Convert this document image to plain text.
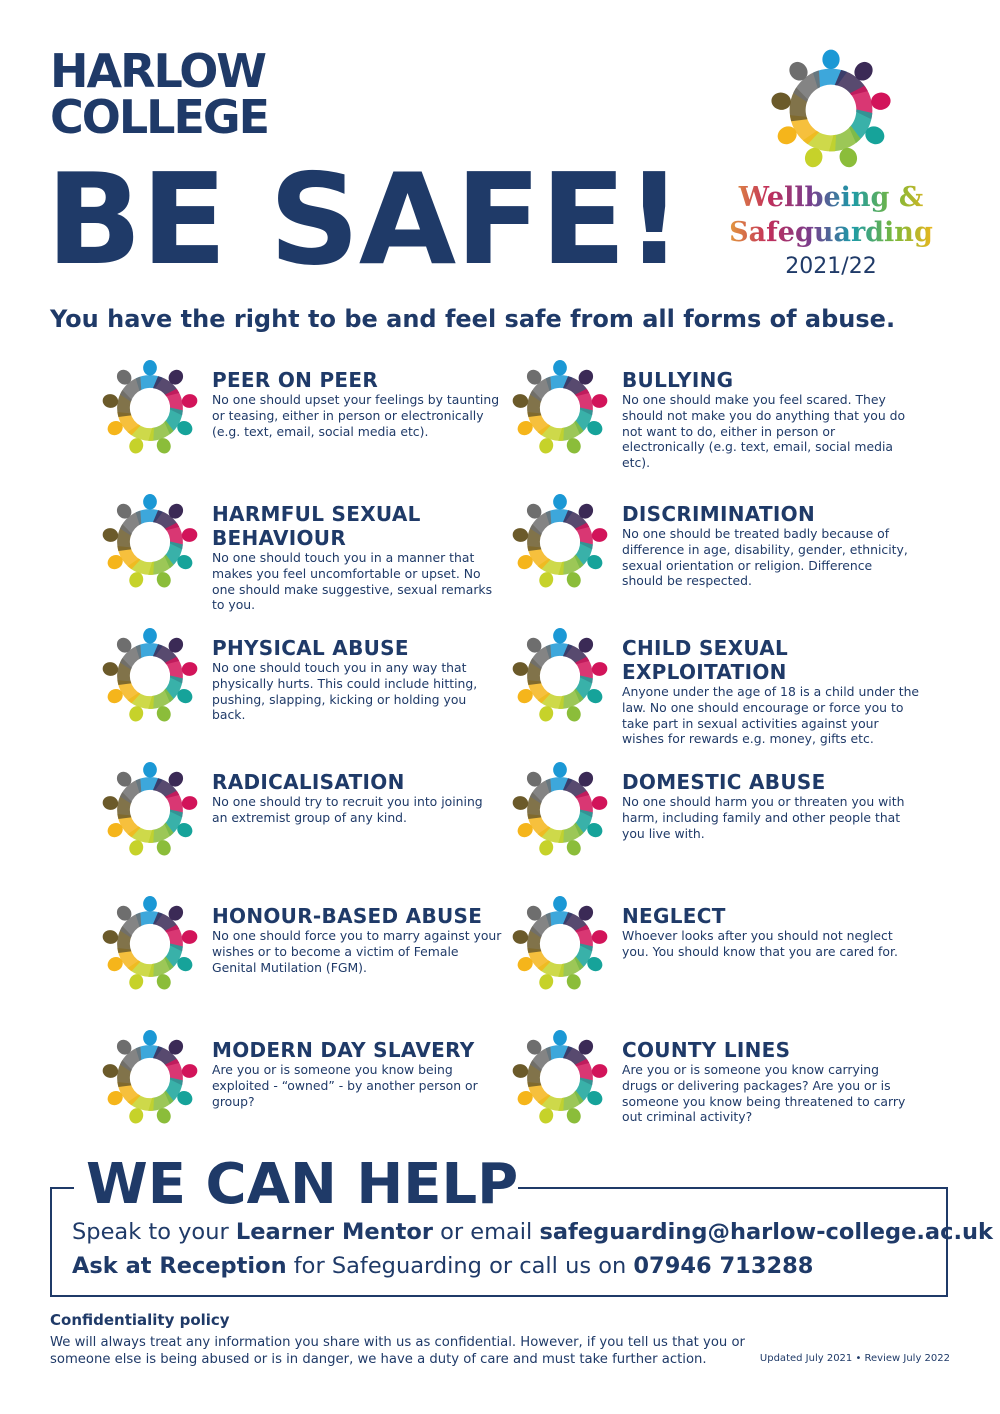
HARLOW
COLLEGE
BE SAFE!	Wellbeing &
Safeguarding
2021/22
You have the right to be and feel safe from all forms of abuse.
PEER ON PEER

No one should upset your feelings by taunting or teasing, either in person or electronically (e.g. text, email, social media etc).

BULLYING

No one should make you feel scared. They should not make you do anything that you do not want to do, either in person or electronically (e.g. text, email, social media etc).

HARMFUL SEXUAL BEHAVIOUR

No one should touch you in a manner that makes you feel uncomfortable or upset. No one should make suggestive, sexual remarks to you.

DISCRIMINATION

No one should be treated badly because of difference in age, disability, gender, ethnicity, sexual orientation or religion. Difference should be respected.

PHYSICAL ABUSE

No one should touch you in any way that physically hurts. This could include hitting, pushing, slapping, kicking or holding you back.

CHILD SEXUAL EXPLOITATION

Anyone under the age of 18 is a child under the law. No one should encourage or force you to take part in sexual activities against your wishes for rewards e.g. money, gifts etc.

RADICALISATION

No one should try to recruit you into joining an extremist group of any kind.

DOMESTIC ABUSE

No one should harm you or threaten you with harm, including family and other people that you live with.

HONOUR-BASED ABUSE

No one should force you to marry against your wishes or to become a victim of Female Genital Mutilation (FGM).

NEGLECT

Whoever looks after you should not neglect you. You should know that you are cared for.

MODERN DAY SLAVERY

Are you or is someone you know being exploited - “owned” - by another person or group?

COUNTY LINES

Are you or is someone you know carrying drugs or delivering packages? Are you or is someone you know being threatened to carry out criminal activity?

WE CAN HELP
Speak to your Learner Mentor or email safeguarding@harlow-college.ac.uk
Ask at Reception for Safeguarding or call us on 07946 713288
Confidentiality policy
We will always treat any information you share with us as confidential. However, if you tell us that you or someone else is being abused or is in danger, we have a duty of care and must take further action.	Updated July 2021 • Review July 2022
